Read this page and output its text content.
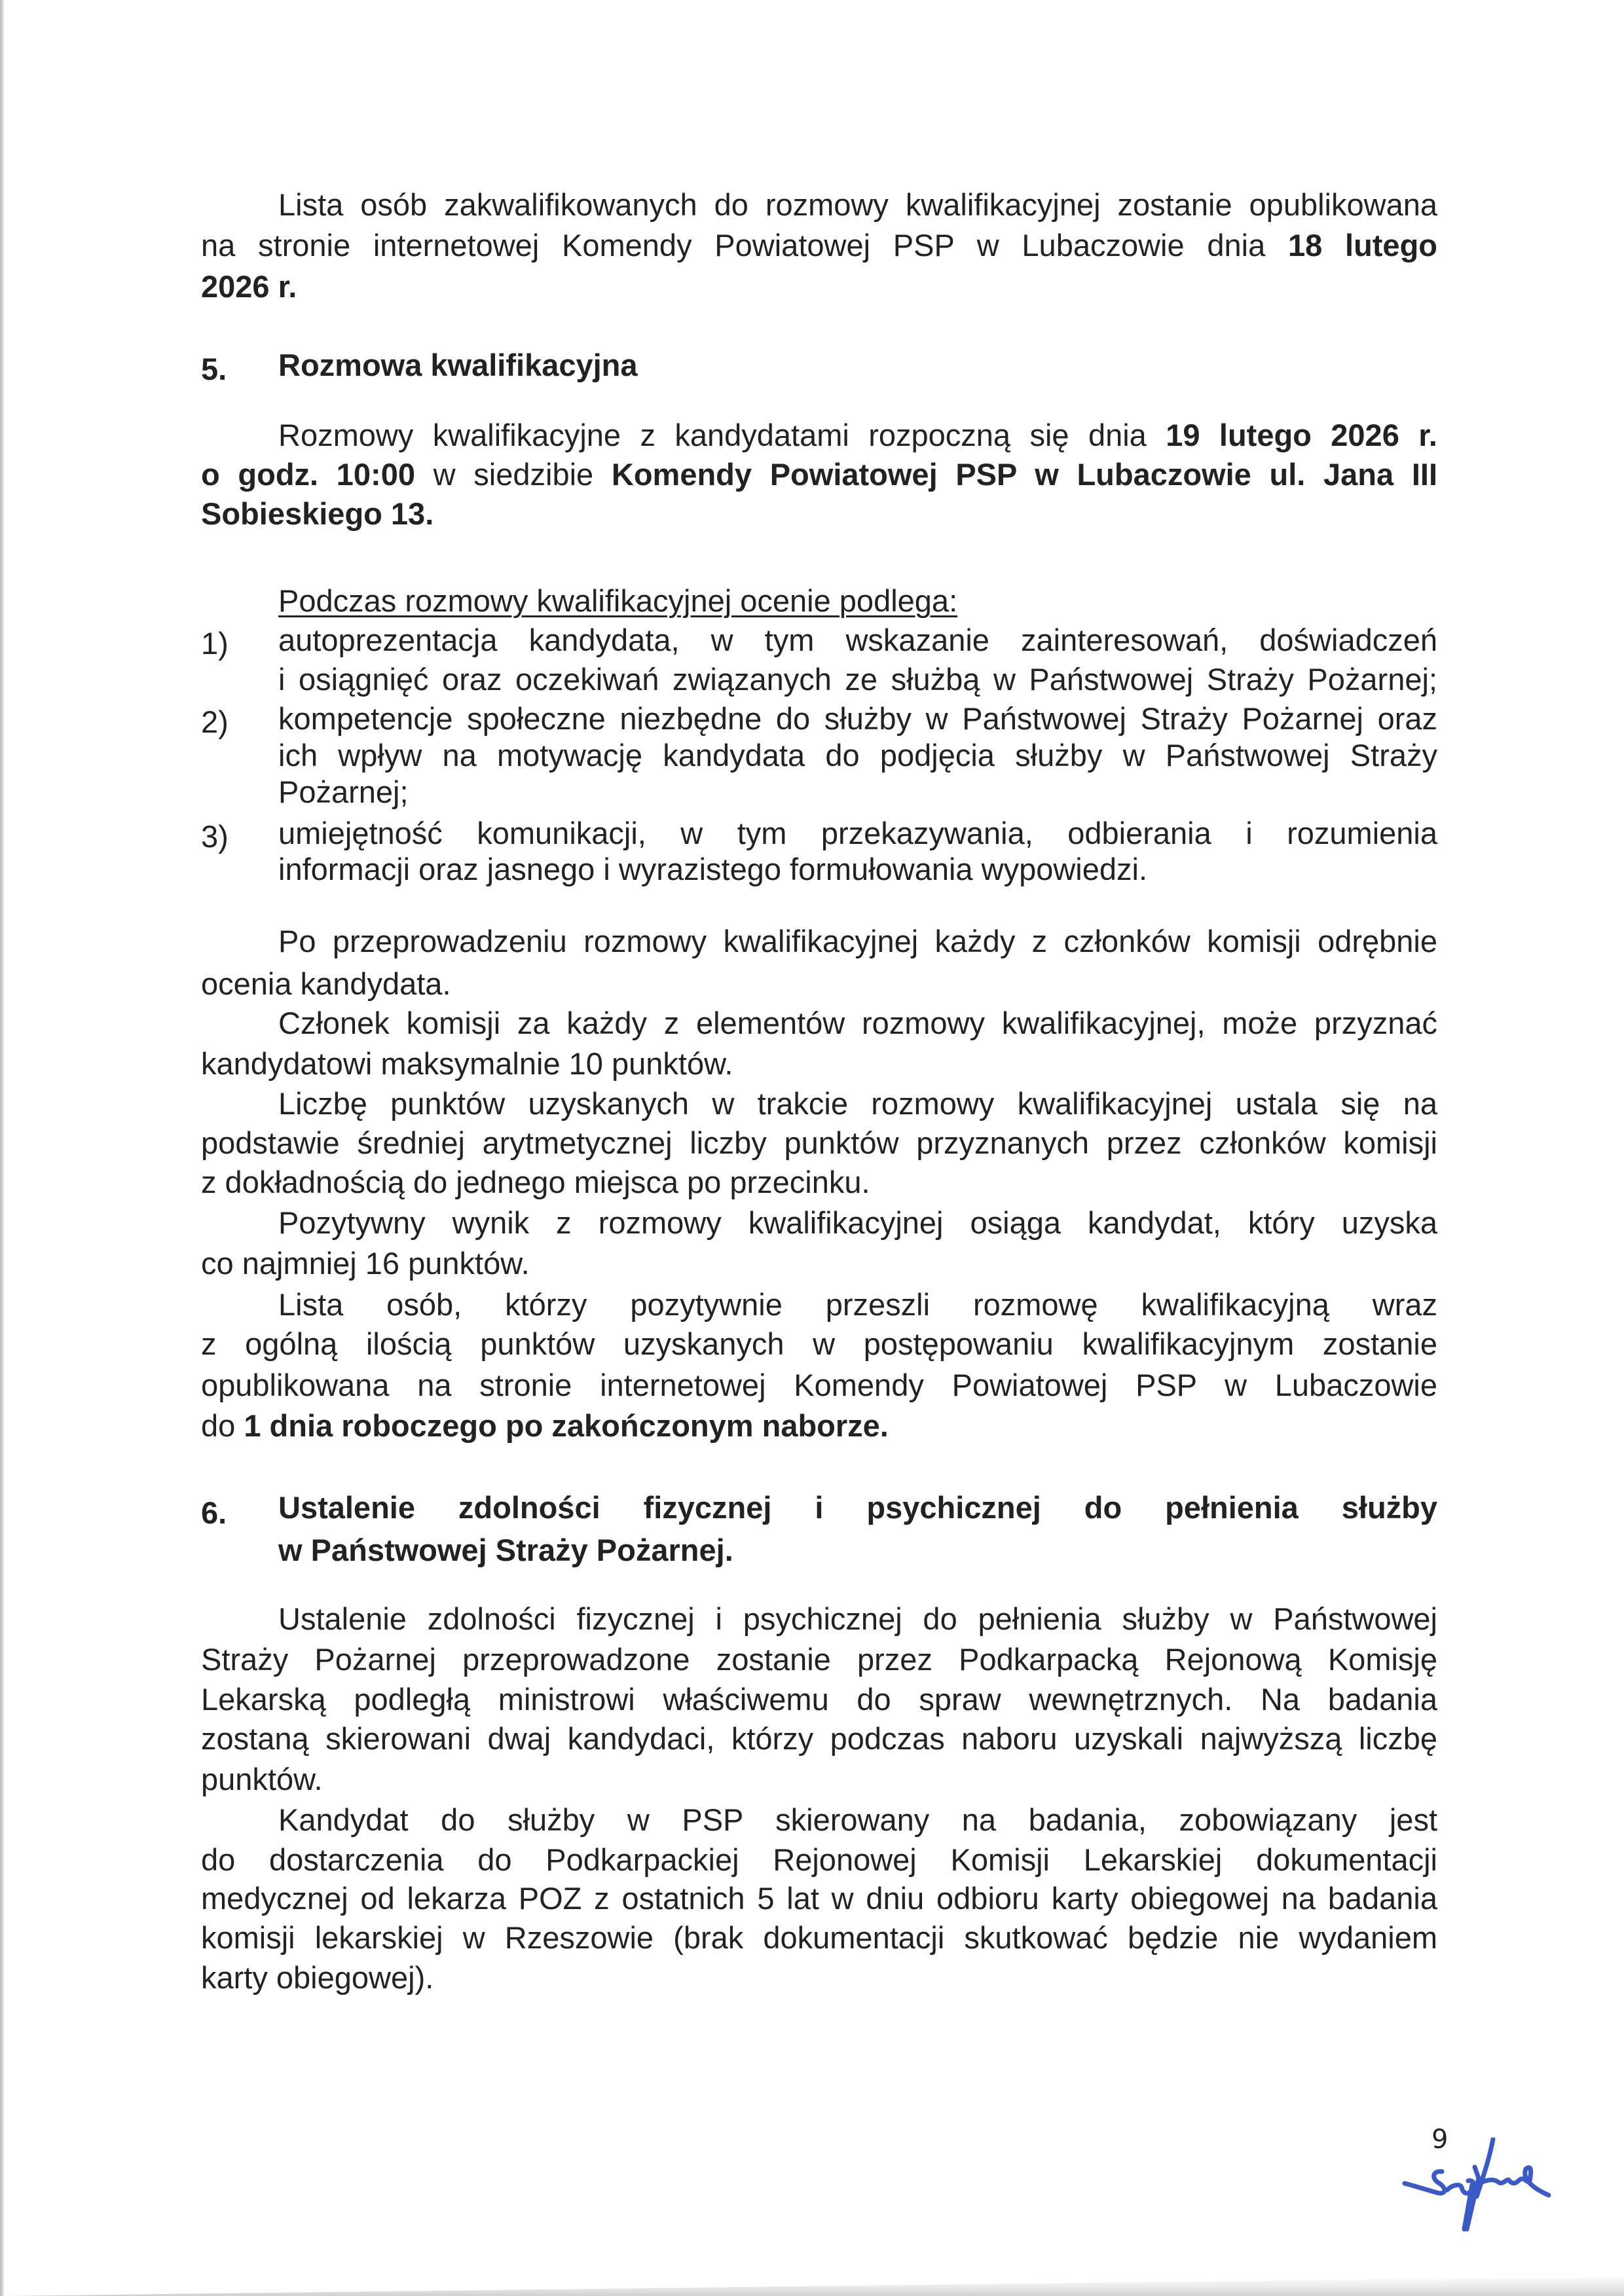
Lista osób zakwalifikowanych do rozmowy kwalifikacyjnej zostanie opublikowana
na stronie internetowej Komendy Powiatowej PSP w Lubaczowie dnia 18 lutego
2026 r.
5. Rozmowa kwalifikacyjna
Rozmowy kwalifikacyjne z kandydatami rozpoczną się dnia 19 lutego 2026 r.
o godz. 10:00 w siedzibie Komendy Powiatowej PSP w Lubaczowie ul. Jana III
Sobieskiego 13.
Podczas rozmowy kwalifikacyjnej ocenie podlega:
1) autoprezentacja kandydata, w tym wskazanie zainteresowań, doświadczeń
i osiągnięć oraz oczekiwań związanych ze służbą w Państwowej Straży Pożarnej;
2) kompetencje społeczne niezbędne do służby w Państwowej Straży Pożarnej oraz
ich wpływ na motywację kandydata do podjęcia służby w Państwowej Straży
Pożarnej;
3) umiejętność komunikacji, w tym przekazywania, odbierania i rozumienia
informacji oraz jasnego i wyrazistego formułowania wypowiedzi.
Po przeprowadzeniu rozmowy kwalifikacyjnej każdy z członków komisji odrębnie
ocenia kandydata.
Członek komisji za każdy z elementów rozmowy kwalifikacyjnej, może przyznać
kandydatowi maksymalnie 10 punktów.
Liczbę punktów uzyskanych w trakcie rozmowy kwalifikacyjnej ustala się na
podstawie średniej arytmetycznej liczby punktów przyznanych przez członków komisji
z dokładnością do jednego miejsca po przecinku.
Pozytywny wynik z rozmowy kwalifikacyjnej osiąga kandydat, który uzyska
co najmniej 16 punktów.
Lista osób, którzy pozytywnie przeszli rozmowę kwalifikacyjną wraz
z ogólną ilością punktów uzyskanych w postępowaniu kwalifikacyjnym zostanie
opublikowana na stronie internetowej Komendy Powiatowej PSP w Lubaczowie
do 1 dnia roboczego po zakończonym naborze.
6. Ustalenie zdolności fizycznej i psychicznej do pełnienia służby
w Państwowej Straży Pożarnej.
Ustalenie zdolności fizycznej i psychicznej do pełnienia służby w Państwowej
Straży Pożarnej przeprowadzone zostanie przez Podkarpacką Rejonową Komisję
Lekarską podległą ministrowi właściwemu do spraw wewnętrznych. Na badania
zostaną skierowani dwaj kandydaci, którzy podczas naboru uzyskali najwyższą liczbę
punktów.
Kandydat do służby w PSP skierowany na badania, zobowiązany jest
do dostarczenia do Podkarpackiej Rejonowej Komisji Lekarskiej dokumentacji
medycznej od lekarza POZ z ostatnich 5 lat w dniu odbioru karty obiegowej na badania
komisji lekarskiej w Rzeszowie (brak dokumentacji skutkować będzie nie wydaniem
karty obiegowej).
9
